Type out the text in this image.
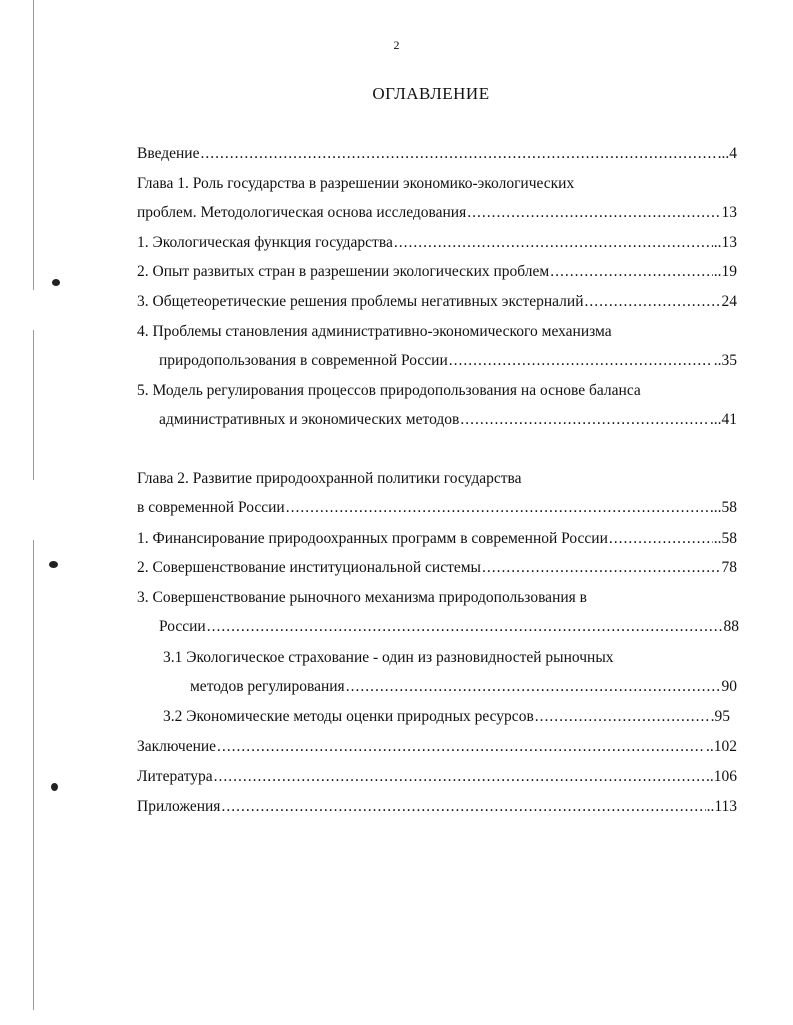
2
ОГЛАВЛЕНИЕ
Введение .....	...4
Глава 1. Роль государства в разрешении экономико-экологических
проблем. Методологическая основа исследования .....	13
1. Экологическая функция государства .....	..13
2. Опыт развитых стран в разрешении экологических проблем .....	..19
3. Общетеоретические решения проблемы негативных экстерналий .....	24
4. Проблемы становления административно-экономического механизма
природопользования в современной России .....	..35
5. Модель регулирования процессов природопользования на основе баланса
административных и экономических методов .....	...41
Глава 2. Развитие природоохранной политики государства
в современной России .....	..58
1. Финансирование природоохранных программ в современной России .....	..58
2. Совершенствование институциональной системы .....	78
3. Совершенствование рыночного механизма природопользования в
России .....	88
3.1 Экологическое страхование - один из разновидностей рыночных
методов регулирования .....	90
3.2 Экономические методы оценки природных ресурсов .....	.95
Заключение .....	..102
Литература .....	..106
Приложения .....	..113
